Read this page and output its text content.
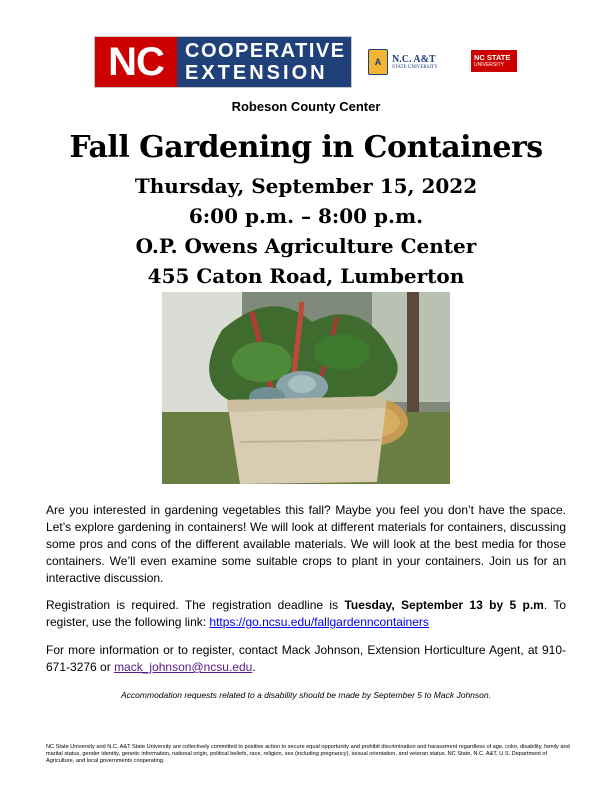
NC	COOPERATIVE
EXTENSION	A	N.C. A&T
STATE UNIVERSITY
NC STATE
UNIVERSITY
Robeson County Center
Fall Gardening in Containers
Thursday, September 15, 2022
6:00 p.m. – 8:00 p.m.
O.P. Owens Agriculture Center
455 Caton Road, Lumberton
Are you interested in gardening vegetables this fall? Maybe you feel you don’t have the space. Let’s explore gardening in containers! We will look at different materials for containers, discussing some pros and cons of the different available materials. We will look at the best media for those containers. We’ll even examine some suitable crops to plant in your containers. Join us for an interactive discussion.
Registration is required. The registration deadline is Tuesday, September 13 by 5 p.m. To register, use the following link: https://go.ncsu.edu/fallgardenncontainers
For more information or to register, contact Mack Johnson, Extension Horticulture Agent, at 910-671-3276 or mack_johnson@ncsu.edu.
Accommodation requests related to a disability should be made by September 5 to Mack Johnson.
NC State University and N.C. A&T State University are collectively committed to positive action to secure equal opportunity and prohibit discrimination and harassment regardless of age, color, disability, family and marital status, gender identity, genetic information, national origin, political beliefs, race, religion, sex (including pregnancy), sexual orientation, and veteran status. NC State, N.C. A&T, U.S. Department of Agriculture, and local governments cooperating.
